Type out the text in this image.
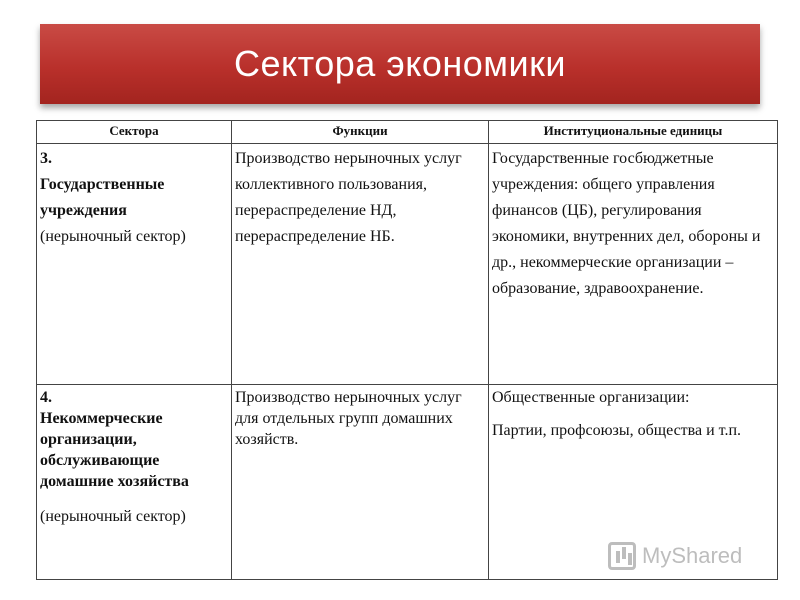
Сектора экономики
Сектора	Функции	Институциональные единицы

3.
Государственные учреждения
(нерыночный сектор)	Производство нерыночных услуг коллективного пользования, перераспределение НД, перераспределение НБ.	Государственные госбюджетные учреждения: общего управления финансов (ЦБ), регулирования экономики, внутренних дел, обороны и др., некоммерческие организации – образование, здравоохранение.

4.
Некоммерческие организации, обслуживающие домашние хозяйства
(нерыночный сектор)	Производство нерыночных услуг для отдельных групп домашних хозяйств.	Общественные организации:
Партии, профсоюзы, общества и т.п.
MyShared
